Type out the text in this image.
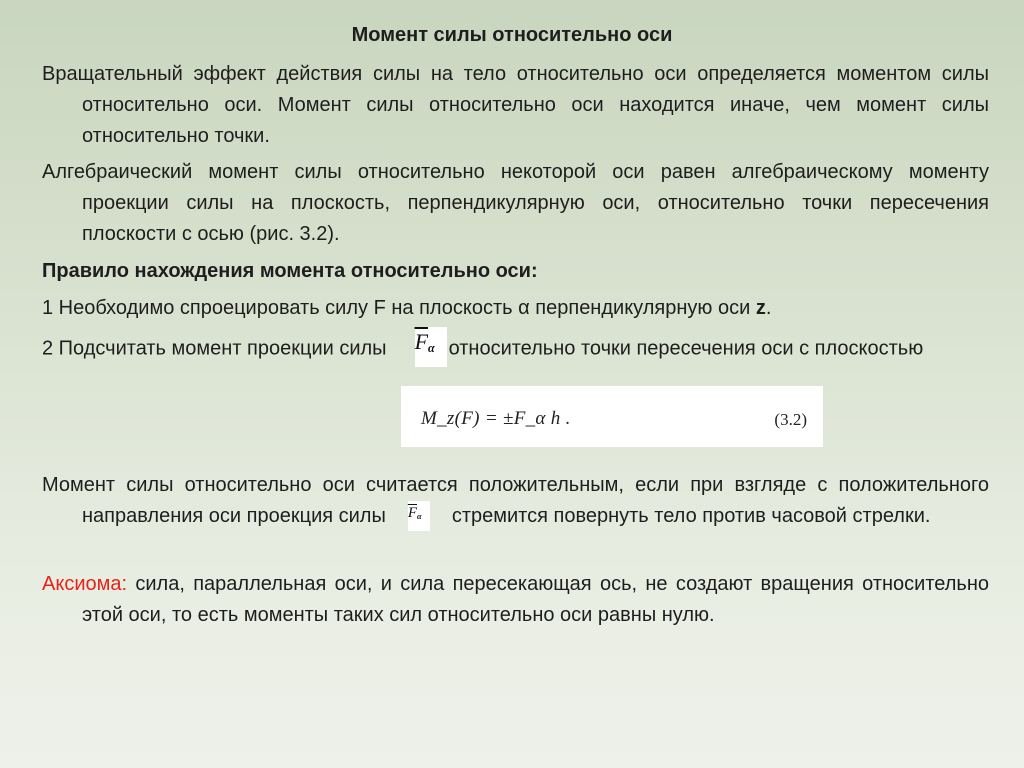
Момент силы относительно оси
Вращательный эффект действия силы на тело относительно оси определяется моментом силы относительно оси. Момент силы относительно оси находится иначе, чем момент силы относительно точки.
Алгебраический момент силы относительно некоторой оси равен алгебраическому моменту проекции силы на плоскость, перпендикулярную оси, относительно точки пересечения плоскости с осью (рис. 3.2).
Правило нахождения момента относительно оси:
1 Необходимо спроецировать силу F на плоскость α перпендикулярную оси z.
2 Подсчитать момент проекции силы $\overline{F}_\alpha$ относительно точки пересечения оси с плоскостью
M_z(F) = ±F_α h .	(3.2)
Момент силы относительно оси считается положительным, если при взгляде с положительного направления оси проекция силы $\overline{F}_\alpha$ стремится повернуть тело против часовой стрелки.
Аксиома: сила, параллельная оси, и сила пересекающая ось, не создают вращения относительно этой оси, то есть моменты таких сил относительно оси равны нулю.
